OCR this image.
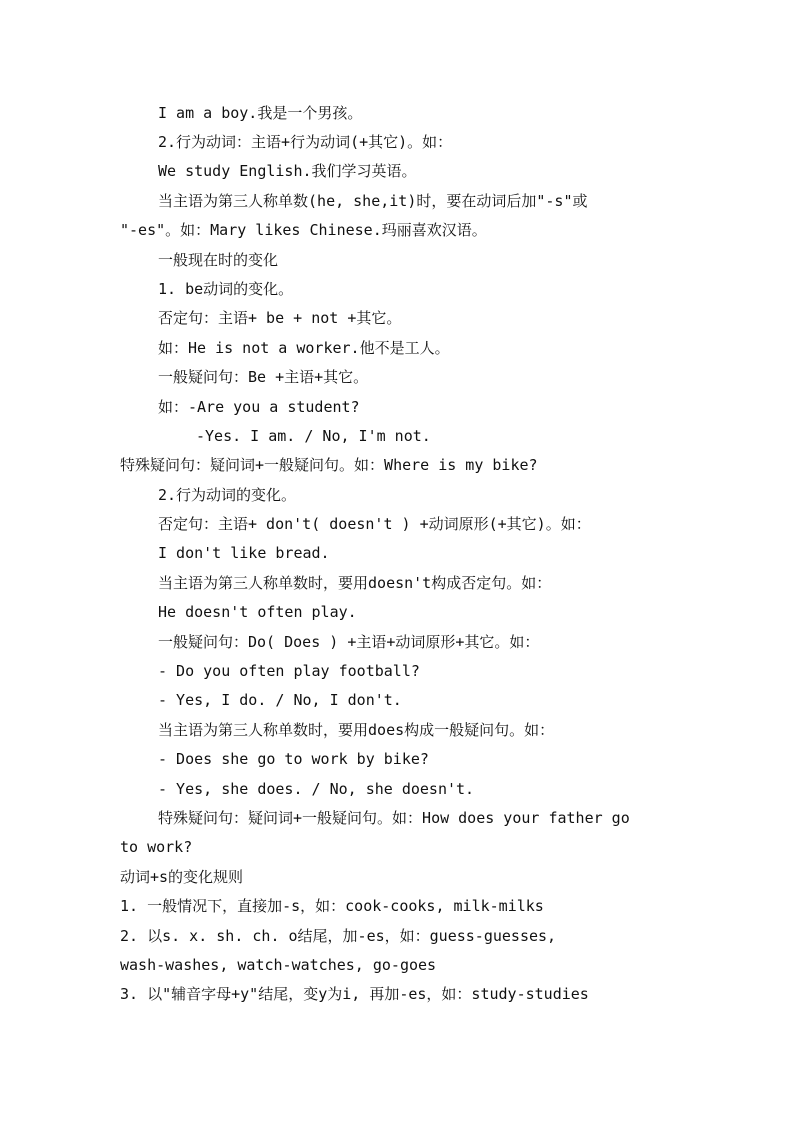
I am a boy.我是一个男孩。
2.行为动词：主语+行为动词(+其它)。如：
We study English.我们学习英语。
当主语为第三人称单数(he, she,it)时，要在动词后加"-s"或
"-es"。如：Mary likes Chinese.玛丽喜欢汉语。
一般现在时的变化
1. be动词的变化。
否定句：主语+ be + not +其它。
如：He is not a worker.他不是工人。
一般疑问句：Be +主语+其它。
如：-Are you a student?
-Yes. I am. / No, I'm not.
特殊疑问句：疑问词+一般疑问句。如：Where is my bike?
2.行为动词的变化。
否定句：主语+ don't( doesn't ) +动词原形(+其它)。如：
I don't like bread.
当主语为第三人称单数时，要用doesn't构成否定句。如：
He doesn't often play.
一般疑问句：Do( Does ) +主语+动词原形+其它。如：
- Do you often play football?
- Yes, I do. / No, I don't.
当主语为第三人称单数时，要用does构成一般疑问句。如：
- Does she go to work by bike?
- Yes, she does. / No, she doesn't.
特殊疑问句：疑问词+一般疑问句。如：How does your father go
to work?
动词+s的变化规则
1. 一般情况下，直接加-s，如：cook-cooks, milk-milks
2. 以s. x. sh. ch. o结尾，加-es，如：guess-guesses,
wash-washes, watch-watches, go-goes
3. 以"辅音字母+y"结尾，变y为i, 再加-es，如：study-studies
